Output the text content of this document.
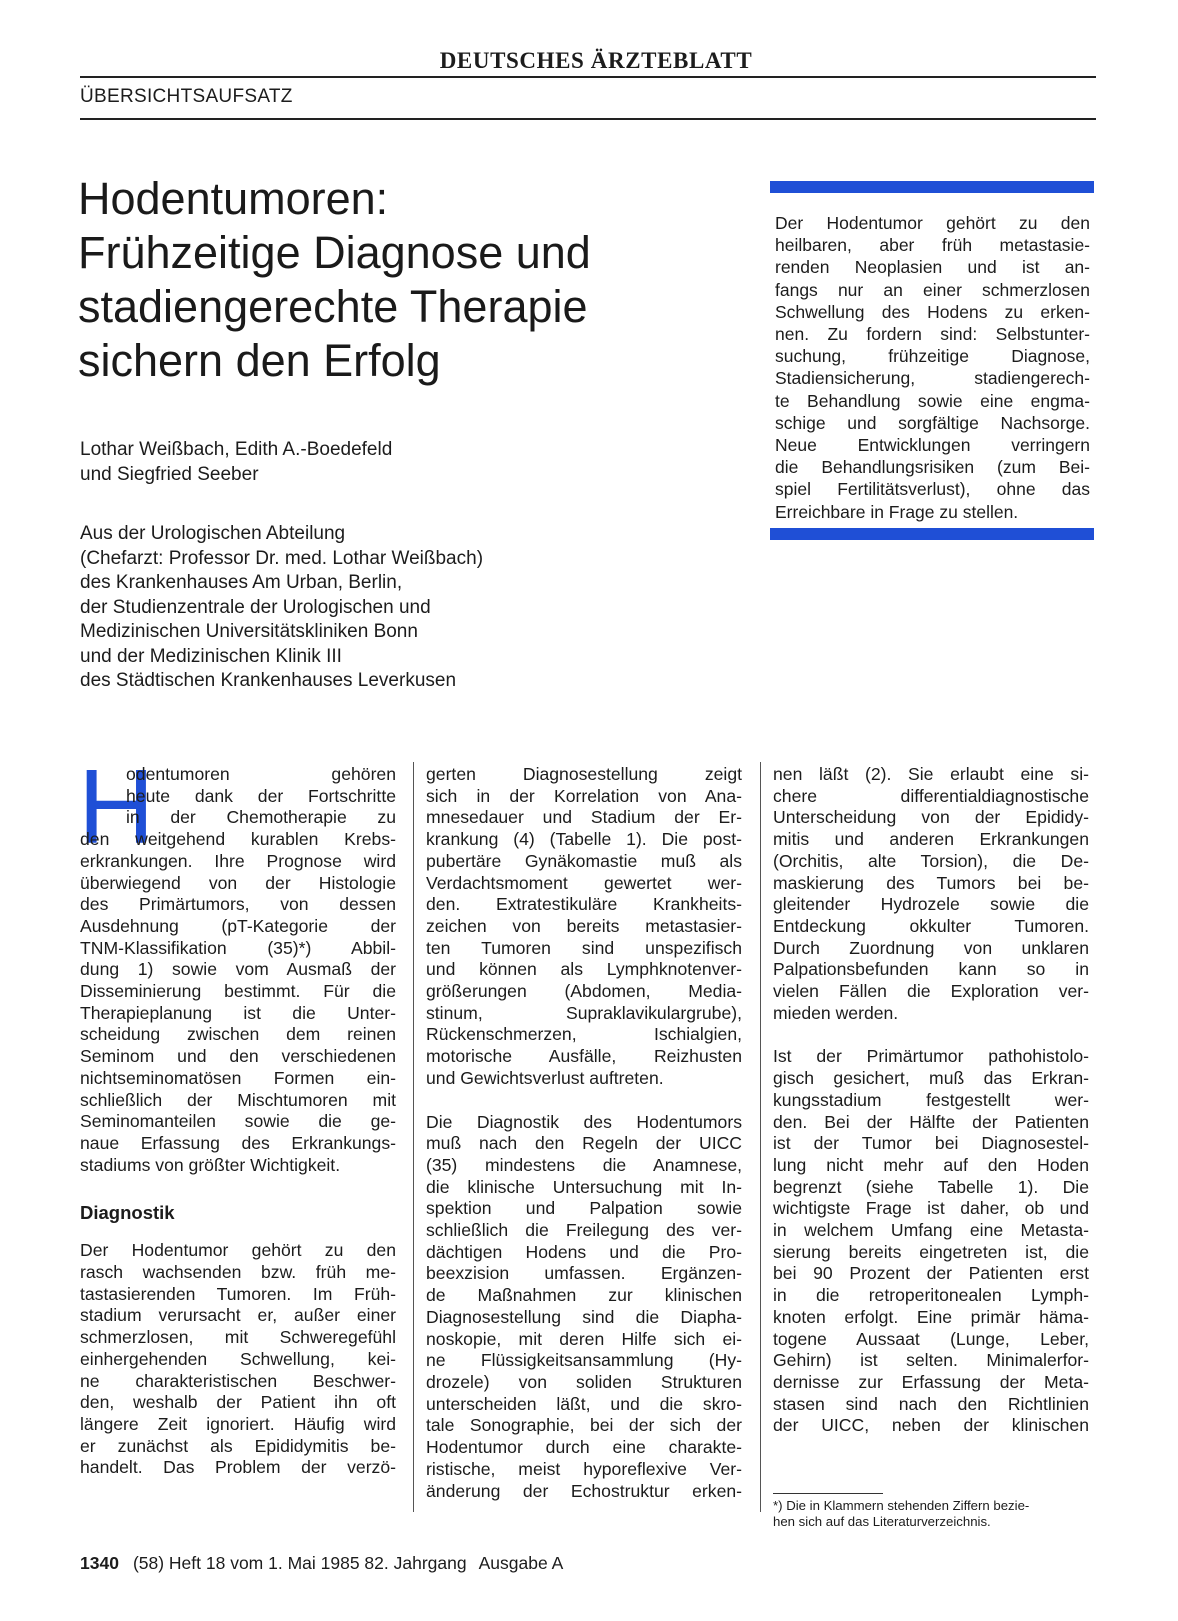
DEUTSCHES ÄRZTEBLATT
ÜBERSICHTSAUFSATZ
Hodentumoren:
Frühzeitige Diagnose und
stadiengerechte Therapie
sichern den Erfolg
Lothar Weißbach, Edith A.-Boedefeld
und Siegfried Seeber
Aus der Urologischen Abteilung
(Chefarzt: Professor Dr. med. Lothar Weißbach)
des Krankenhauses Am Urban, Berlin,
der Studienzentrale der Urologischen und
Medizinischen Universitätskliniken Bonn
und der Medizinischen Klinik III
des Städtischen Krankenhauses Leverkusen
Der Hodentumor gehört zu den
heilbaren, aber früh metastasie-
renden Neoplasien und ist an-
fangs nur an einer schmerzlosen
Schwellung des Hodens zu erken-
nen. Zu fordern sind: Selbstunter-
suchung, frühzeitige Diagnose,
Stadiensicherung, stadiengerech-
te Behandlung sowie eine engma-
schige und sorgfältige Nachsorge.
Neue Entwicklungen verringern
die Behandlungsrisiken (zum Bei-
spiel Fertilitätsverlust), ohne das
Erreichbare in Frage zu stellen.
H
odentumoren gehören
heute dank der Fortschritte
in der Chemotherapie zu
den weitgehend kurablen Krebs-
erkrankungen. Ihre Prognose wird
überwiegend von der Histologie
des Primärtumors, von dessen
Ausdehnung (pT-Kategorie der
TNM-Klassifikation (35)*) Abbil-
dung 1) sowie vom Ausmaß der
Disseminierung bestimmt. Für die
Therapieplanung ist die Unter-
scheidung zwischen dem reinen
Seminom und den verschiedenen
nichtseminomatösen Formen ein-
schließlich der Mischtumoren mit
Seminomanteilen sowie die ge-
naue Erfassung des Erkrankungs-
stadiums von größter Wichtigkeit.
Diagnostik
Der Hodentumor gehört zu den
rasch wachsenden bzw. früh me-
tastasierenden Tumoren. Im Früh-
stadium verursacht er, außer einer
schmerzlosen, mit Schweregefühl
einhergehenden Schwellung, kei-
ne charakteristischen Beschwer-
den, weshalb der Patient ihn oft
längere Zeit ignoriert. Häufig wird
er zunächst als Epididymitis be-
handelt. Das Problem der verzö-
gerten Diagnosestellung zeigt
sich in der Korrelation von Ana-
mnesedauer und Stadium der Er-
krankung (4) (Tabelle 1). Die post-
pubertäre Gynäkomastie muß als
Verdachtsmoment gewertet wer-
den. Extratestikuläre Krankheits-
zeichen von bereits metastasier-
ten Tumoren sind unspezifisch
und können als Lymphknotenver-
größerungen (Abdomen, Media-
stinum, Supraklavikulargrube),
Rückenschmerzen, Ischialgien,
motorische Ausfälle, Reizhusten
und Gewichtsverlust auftreten.
Die Diagnostik des Hodentumors
muß nach den Regeln der UICC
(35) mindestens die Anamnese,
die klinische Untersuchung mit In-
spektion und Palpation sowie
schließlich die Freilegung des ver-
dächtigen Hodens und die Pro-
beexzision umfassen. Ergänzen-
de Maßnahmen zur klinischen
Diagnosestellung sind die Diapha-
noskopie, mit deren Hilfe sich ei-
ne Flüssigkeitsansammlung (Hy-
drozele) von soliden Strukturen
unterscheiden läßt, und die skro-
tale Sonographie, bei der sich der
Hodentumor durch eine charakte-
ristische, meist hyporeflexive Ver-
änderung der Echostruktur erken-
nen läßt (2). Sie erlaubt eine si-
chere differentialdiagnostische
Unterscheidung von der Epididy-
mitis und anderen Erkrankungen
(Orchitis, alte Torsion), die De-
maskierung des Tumors bei be-
gleitender Hydrozele sowie die
Entdeckung okkulter Tumoren.
Durch Zuordnung von unklaren
Palpationsbefunden kann so in
vielen Fällen die Exploration ver-
mieden werden.
Ist der Primärtumor pathohistolo-
gisch gesichert, muß das Erkran-
kungsstadium festgestellt wer-
den. Bei der Hälfte der Patienten
ist der Tumor bei Diagnosestel-
lung nicht mehr auf den Hoden
begrenzt (siehe Tabelle 1). Die
wichtigste Frage ist daher, ob und
in welchem Umfang eine Metasta-
sierung bereits eingetreten ist, die
bei 90 Prozent der Patienten erst
in die retroperitonealen Lymph-
knoten erfolgt. Eine primär häma-
togene Aussaat (Lunge, Leber,
Gehirn) ist selten. Minimalerfor-
dernisse zur Erfassung der Meta-
stasen sind nach den Richtlinien
der UICC, neben der klinischen
*) Die in Klammern stehenden Ziffern bezie-
hen sich auf das Literaturverzeichnis.
1340 (58) Heft 18 vom 1. Mai 1985 82. Jahrgang Ausgabe A
